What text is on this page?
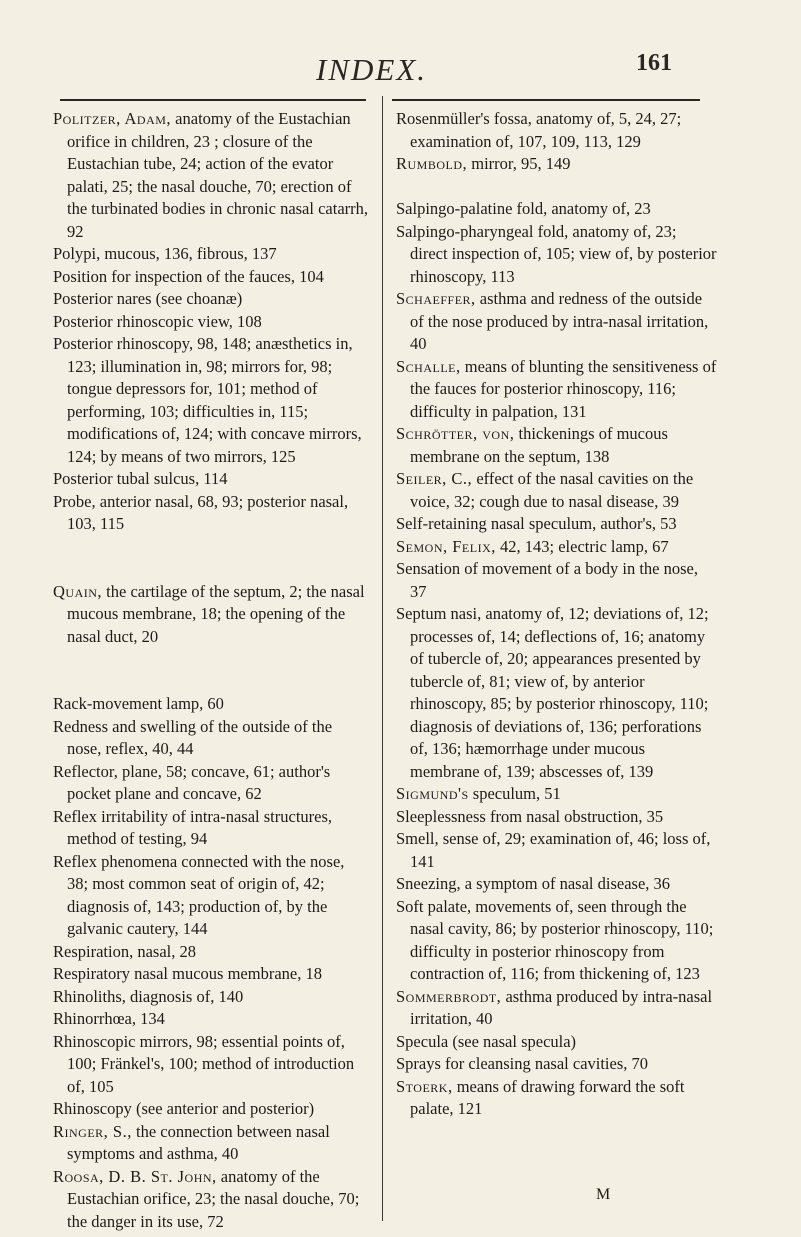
INDEX.	161

Politzer, Adam, anatomy of the Eustachian orifice in children, 23 ; closure of the Eustachian tube, 24; action of the evator palati, 25; the nasal douche, 70; erection of the turbinated bodies in chronic nasal catarrh, 92

Polypi, mucous, 136, fibrous, 137

Position for inspection of the fauces, 104

Posterior nares (see choanæ)

Posterior rhinoscopic view, 108

Posterior rhinoscopy, 98, 148; anæsthetics in, 123; illumination in, 98; mirrors for, 98; tongue depressors for, 101; method of performing, 103; difficulties in, 115; modifications of, 124; with concave mirrors, 124; by means of two mirrors, 125

Posterior tubal sulcus, 114

Probe, anterior nasal, 68, 93; posterior nasal, 103, 115

Quain, the cartilage of the septum, 2; the nasal mucous membrane, 18; the opening of the nasal duct, 20

Rack-movement lamp, 60

Redness and swelling of the outside of the nose, reflex, 40, 44

Reflector, plane, 58; concave, 61; author's pocket plane and concave, 62

Reflex irritability of intra-nasal structures, method of testing, 94

Reflex phenomena connected with the nose, 38; most common seat of origin of, 42; diagnosis of, 143; production of, by the galvanic cautery, 144

Respiration, nasal, 28

Respiratory nasal mucous membrane, 18

Rhinoliths, diagnosis of, 140

Rhinorrhœa, 134

Rhinoscopic mirrors, 98; essential points of, 100; Fränkel's, 100; method of introduction of, 105

Rhinoscopy (see anterior and posterior)

Ringer, S., the connection between nasal symptoms and asthma, 40

Roosa, D. B. St. John, anatomy of the Eustachian orifice, 23; the nasal douche, 70; the danger in its use, 72

Rosenmüller's fossa, anatomy of, 5, 24, 27; examination of, 107, 109, 113, 129

Rumbold, mirror, 95, 149

Salpingo-palatine fold, anatomy of, 23

Salpingo-pharyngeal fold, anatomy of, 23; direct inspection of, 105; view of, by posterior rhinoscopy, 113

Schaeffer, asthma and redness of the outside of the nose produced by intra-nasal irritation, 40

Schalle, means of blunting the sensitiveness of the fauces for posterior rhinoscopy, 116; difficulty in palpation, 131

Schrötter, von, thickenings of mucous membrane on the septum, 138

Seiler, C., effect of the nasal cavities on the voice, 32; cough due to nasal disease, 39

Self-retaining nasal speculum, author's, 53

Semon, Felix, 42, 143; electric lamp, 67

Sensation of movement of a body in the nose, 37

Septum nasi, anatomy of, 12; deviations of, 12; processes of, 14; deflections of, 16; anatomy of tubercle of, 20; appearances presented by tubercle of, 81; view of, by anterior rhinoscopy, 85; by posterior rhinoscopy, 110; diagnosis of deviations of, 136; perforations of, 136; hæmorrhage under mucous membrane of, 139; abscesses of, 139

Sigmund's speculum, 51

Sleeplessness from nasal obstruction, 35

Smell, sense of, 29; examination of, 46; loss of, 141

Sneezing, a symptom of nasal disease, 36

Soft palate, movements of, seen through the nasal cavity, 86; by posterior rhinoscopy, 110; difficulty in posterior rhinoscopy from contraction of, 116; from thickening of, 123

Sommerbrodt, asthma produced by intra-nasal irritation, 40

Specula (see nasal specula)

Sprays for cleansing nasal cavities, 70

Stoerk, means of drawing forward the soft palate, 121

M
